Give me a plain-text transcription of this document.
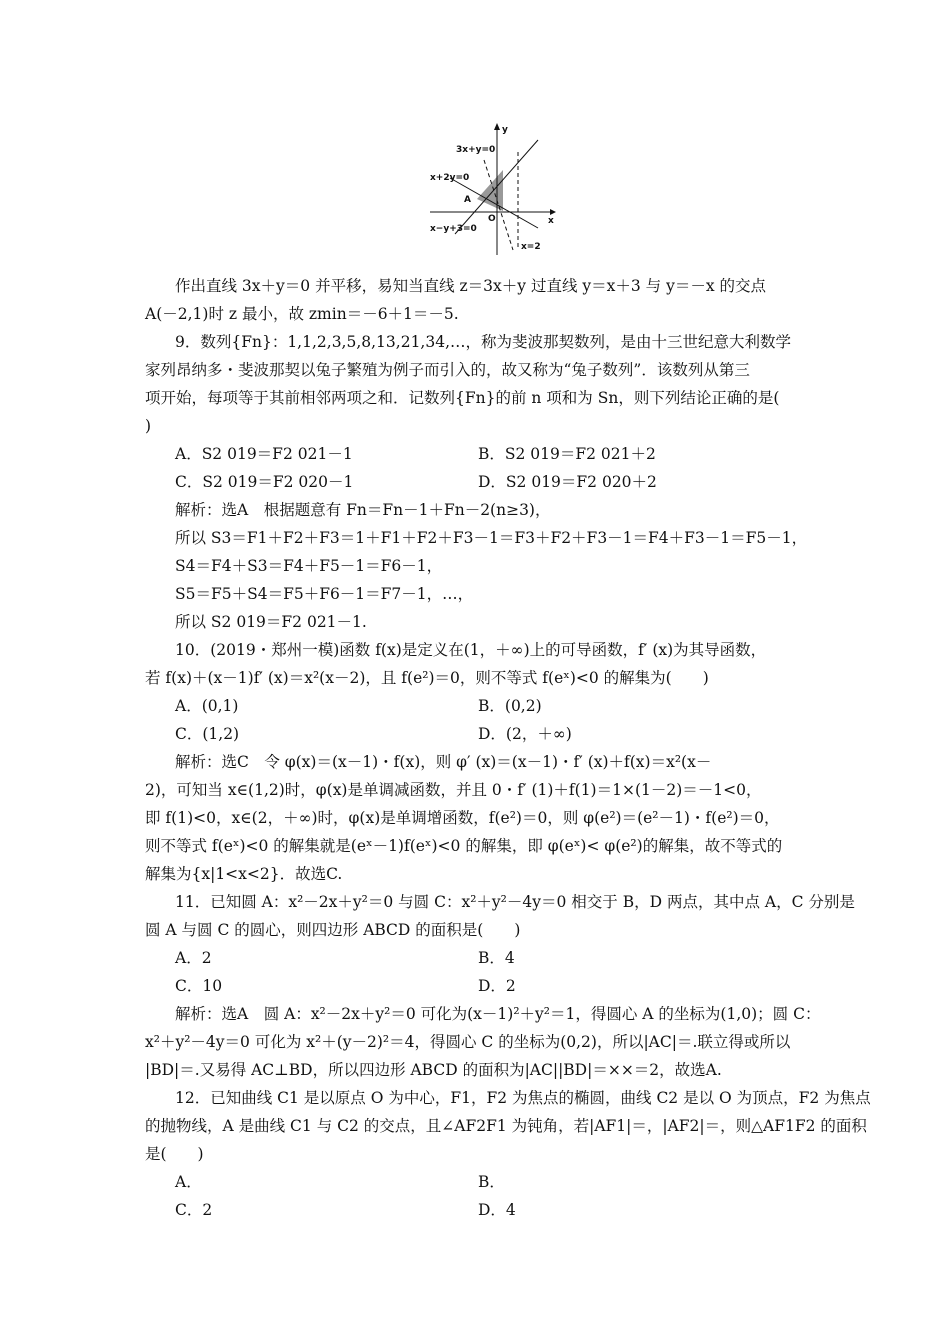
y
x
3x+y=0
x+2y=0
x−y+3=0
x=2
A
O
作出直线 3x＋y＝0 并平移，易知当直线 z＝3x＋y 过直线 y＝x＋3 与 y＝－x 的交点
A(－2,1)时 z 最小，故 zmin＝－6＋1＝－5.
9．数列{Fn}：1,1,2,3,5,8,13,21,34,…，称为斐波那契数列，是由十三世纪意大利数学
家列昂纳多・斐波那契以兔子繁殖为例子而引入的，故又称为“兔子数列”．该数列从第三
项开始，每项等于其前相邻两项之和．记数列{Fn}的前 n 项和为 Sn，则下列结论正确的是(
)
A．S2 019＝F2 021－1	B．S2 019＝F2 021＋2
C．S2 019＝F2 020－1	D．S2 019＝F2 020＋2
解析：选A　根据题意有 Fn＝Fn－1＋Fn－2(n≥3)，
所以 S3＝F1＋F2＋F3＝1＋F1＋F2＋F3－1＝F3＋F2＋F3－1＝F4＋F3－1＝F5－1，
S4＝F4＋S3＝F4＋F5－1＝F6－1，
S5＝F5＋S4＝F5＋F6－1＝F7－1，…，
所以 S2 019＝F2 021－1.
10．(2019・郑州一模)函数 f(x)是定义在(1，＋∞)上的可导函数，f′ (x)为其导函数，
若 f(x)＋(x－1)f′ (x)＝x²(x－2)，且 f(e²)＝0，则不等式 f(eˣ)<0 的解集为(　　)
A．(0,1)	B．(0,2)
C．(1,2)	D．(2，＋∞)
解析：选C　令 φ(x)＝(x－1)・f(x)，则 φ′ (x)＝(x－1)・f′ (x)＋f(x)＝x²(x－
2)，可知当 x∈(1,2)时，φ(x)是单调减函数，并且 0・f′ (1)＋f(1)＝1×(1－2)＝－1<0，
即 f(1)<0，x∈(2，＋∞)时，φ(x)是单调增函数，f(e²)＝0，则 φ(e²)＝(e²－1)・f(e²)＝0，
则不等式 f(eˣ)<0 的解集就是(eˣ－1)f(eˣ)<0 的解集，即 φ(eˣ)< φ(e²)的解集，故不等式的
解集为{x|1<x<2}．故选C.
11．已知圆 A：x²－2x＋y²＝0 与圆 C：x²＋y²－4y＝0 相交于 B，D 两点，其中点 A，C 分别是
圆 A 与圆 C 的圆心，则四边形 ABCD 的面积是(　　)
A．2	B．4
C．10	D．2
解析：选A　圆 A：x²－2x＋y²＝0 可化为(x－1)²＋y²＝1，得圆心 A 的坐标为(1,0)；圆 C：
x²＋y²－4y＝0 可化为 x²＋(y－2)²＝4，得圆心 C 的坐标为(0,2)，所以|AC|＝.联立得或所以
|BD|＝.又易得 AC⊥BD，所以四边形 ABCD 的面积为|AC||BD|＝××＝2，故选A.
12．已知曲线 C1 是以原点 O 为中心，F1，F2 为焦点的椭圆，曲线 C2 是以 O 为顶点，F2 为焦点
的抛物线，A 是曲线 C1 与 C2 的交点，且∠AF2F1 为钝角，若|AF1|＝，|AF2|＝，则△AF1F2 的面积
是(　　)
A．	B．
C．2	D．4
